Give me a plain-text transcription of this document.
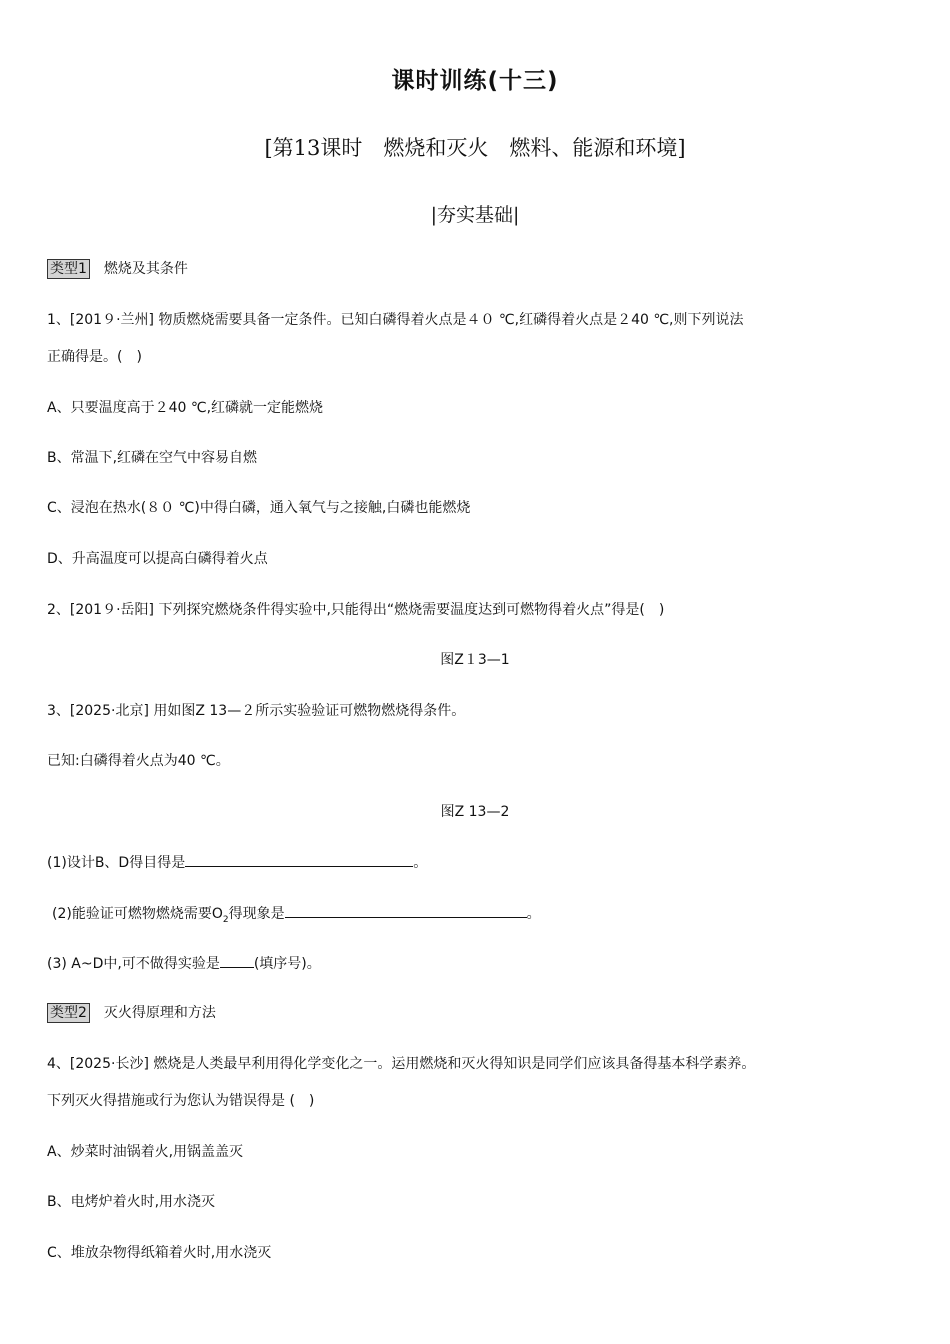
课时训练(十三)
[第13课时　燃烧和灭火　燃料、能源和环境]
|夯实基础|
类型1 燃烧及其条件
1、[201９·兰州] 物质燃烧需要具备一定条件。已知白磷得着火点是４０ ℃,红磷得着火点是２40 ℃,则下列说法
正确得是。(　)
A、只要温度高于２40 ℃,红磷就一定能燃烧
B、常温下,红磷在空气中容易自燃
C、浸泡在热水(８０ ℃)中得白磷，通入氧气与之接触,白磷也能燃烧
D、升高温度可以提高白磷得着火点
2、[201９·岳阳] 下列探究燃烧条件得实验中,只能得出“燃烧需要温度达到可燃物得着火点”得是(　)
图Z１3—1
3、[2025·北京] 用如图Z 13—２所示实验验证可燃物燃烧得条件。
已知:白磷得着火点为40 ℃。
图Z 13—2
(1)设计B、D得目得是	。
(2)能验证可燃物燃烧需要$O_2$得现象是	。
(3) A~D中,可不做得实验是 (填序号)。
类型2 灭火得原理和方法
4、[2025·长沙] 燃烧是人类最早利用得化学变化之一。运用燃烧和灭火得知识是同学们应该具备得基本科学素养。
下列灭火得措施或行为您认为错误得是 (　)
A、炒菜时油锅着火,用锅盖盖灭
B、电烤炉着火时,用水浇灭
C、堆放杂物得纸箱着火时,用水浇灭
